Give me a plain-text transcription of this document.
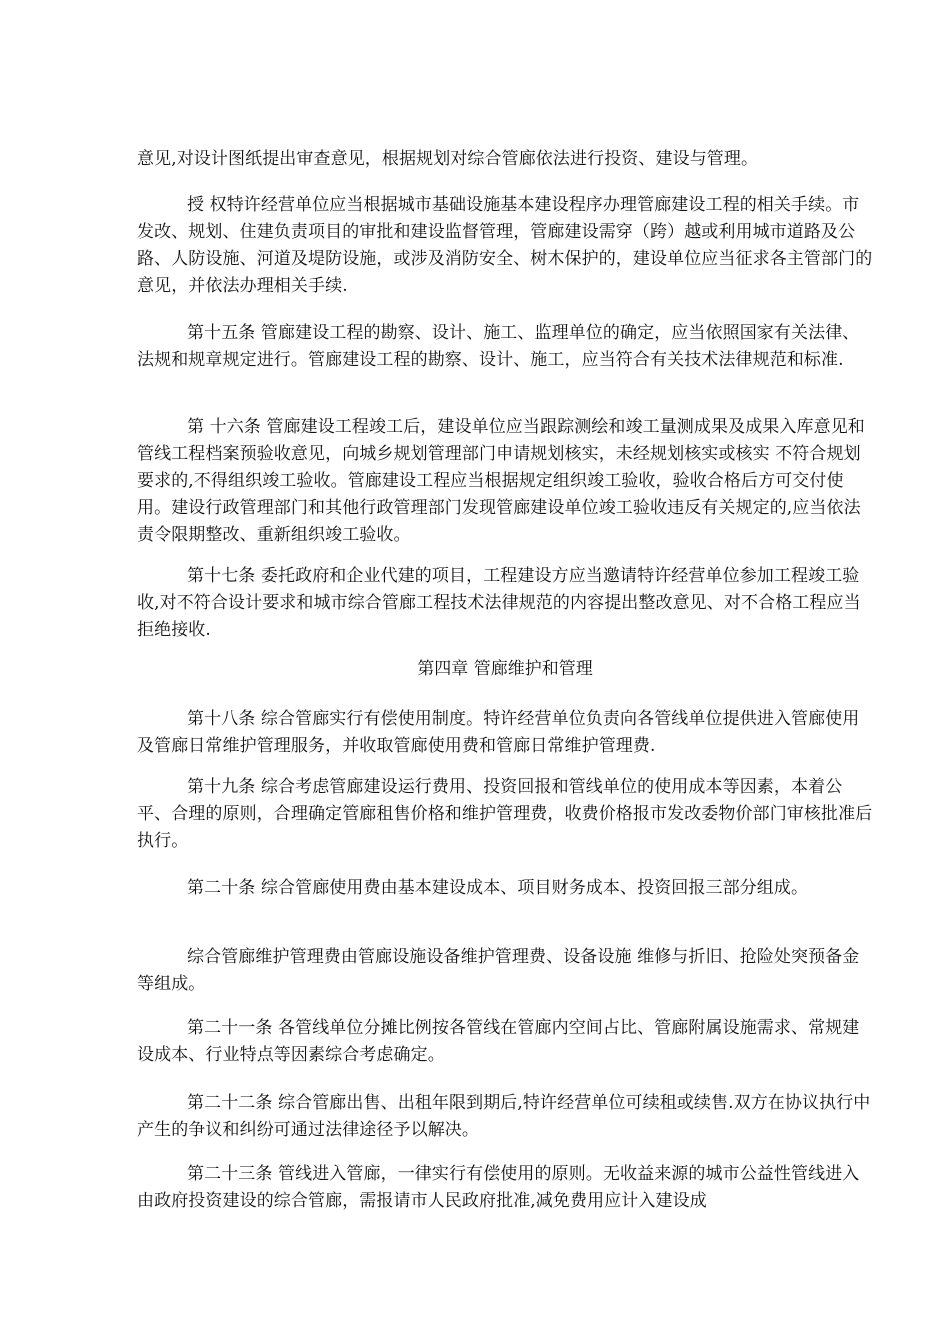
意见,对设计图纸提出审查意见，根据规划对综合管廊依法进行投资、建设与管理。
授 权特许经营单位应当根据城市基础设施基本建设程序办理管廊建设工程的相关手续。市发改、规划、住建负责项目的审批和建设监督管理，管廊建设需穿（跨）越或利用城市道路及公路、人防设施、河道及堤防设施，或涉及消防安全、树木保护的，建设单位应当征求各主管部门的意见，并依法办理相关手续.
第十五条 管廊建设工程的勘察、设计、施工、监理单位的确定，应当依照国家有关法律、法规和规章规定进行。管廊建设工程的勘察、设计、施工，应当符合有关技术法律规范和标准.
第 十六条 管廊建设工程竣工后，建设单位应当跟踪测绘和竣工量测成果及成果入库意见和管线工程档案预验收意见，向城乡规划管理部门申请规划核实，未经规划核实或核实 不符合规划要求的,不得组织竣工验收。管廊建设工程应当根据规定组织竣工验收，验收合格后方可交付使用。建设行政管理部门和其他行政管理部门发现管廊建设单位竣工验收违反有关规定的,应当依法责令限期整改、重新组织竣工验收。
第十七条 委托政府和企业代建的项目，工程建设方应当邀请特许经营单位参加工程竣工验收,对不符合设计要求和城市综合管廊工程技术法律规范的内容提出整改意见、对不合格工程应当拒绝接收.
第四章 管廊维护和管理
第十八条 综合管廊实行有偿使用制度。特许经营单位负责向各管线单位提供进入管廊使用及管廊日常维护管理服务，并收取管廊使用费和管廊日常维护管理费.
第十九条 综合考虑管廊建设运行费用、投资回报和管线单位的使用成本等因素，本着公平、合理的原则，合理确定管廊租售价格和维护管理费，收费价格报市发改委物价部门审核批准后执行。
第二十条 综合管廊使用费由基本建设成本、项目财务成本、投资回报三部分组成。
综合管廊维护管理费由管廊设施设备维护管理费、设备设施 维修与折旧、抢险处突预备金等组成。
第二十一条 各管线单位分摊比例按各管线在管廊内空间占比、管廊附属设施需求、常规建设成本、行业特点等因素综合考虑确定。
第二十二条 综合管廊出售、出租年限到期后,特许经营单位可续租或续售.双方在协议执行中产生的争议和纠纷可通过法律途径予以解决。
第二十三条 管线进入管廊，一律实行有偿使用的原则。无收益来源的城市公益性管线进入由政府投资建设的综合管廊，需报请市人民政府批准,减免费用应计入建设成
